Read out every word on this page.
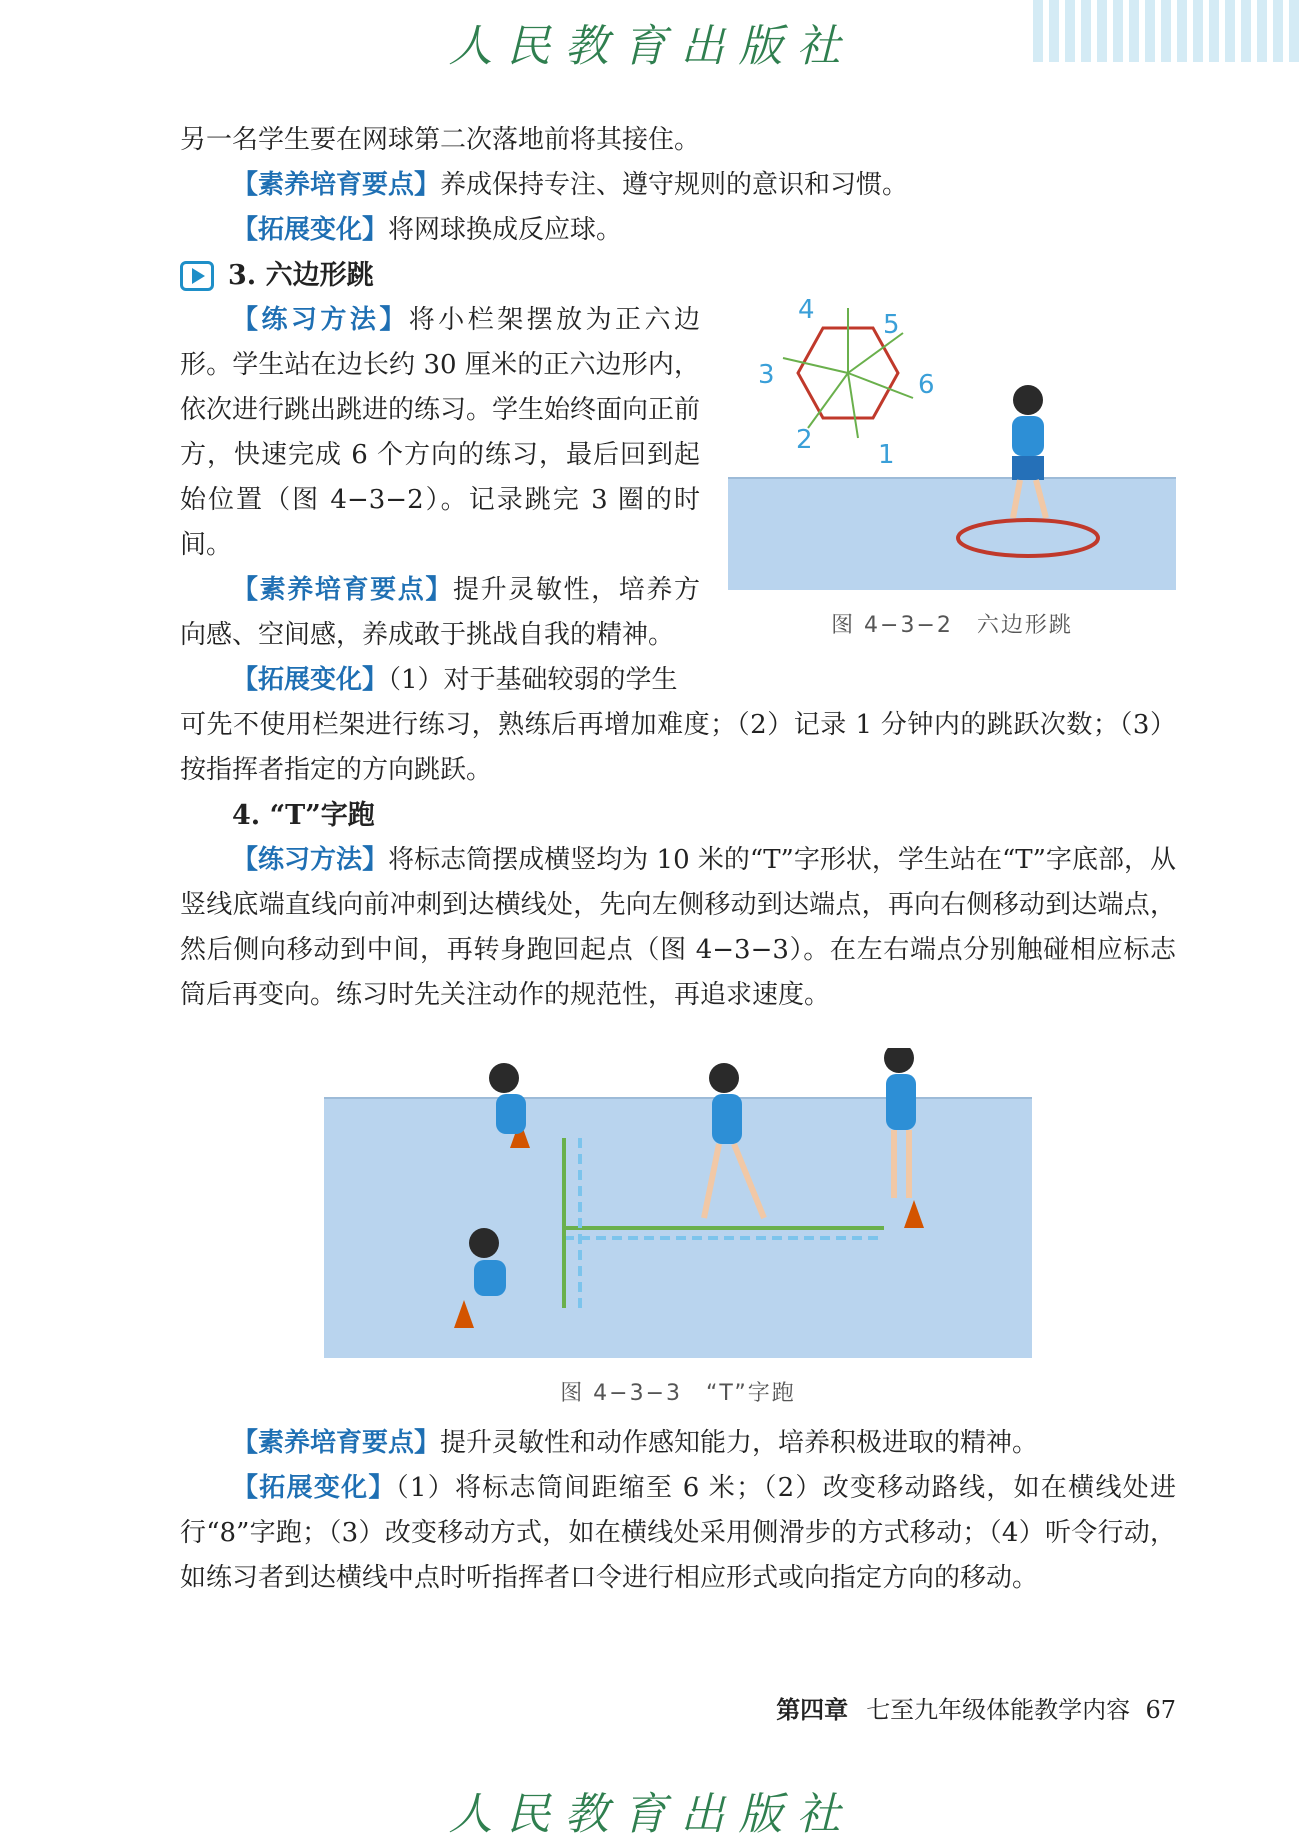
人民教育出版社

另一名学生要在网球第二次落地前将其接住。

【素养培育要点】养成保持专注、遵守规则的意识和习惯。

【拓展变化】将网球换成反应球。

3. 六边形跳

【练习方法】将小栏架摆放为正六边形。学生站在边长约 30 厘米的正六边形内，依次进行跳出跳进的练习。学生始终面向正前方，快速完成 6 个方向的练习，最后回到起始位置（图 4−3−2）。记录跳完 3 圈的时间。

【素养培育要点】提升灵敏性，培养方向感、空间感，养成敢于挑战自我的精神。

【拓展变化】（1）对于基础较弱的学生

1
2
3
4	5
6
图 4−3−2　六边形跳

可先不使用栏架进行练习，熟练后再增加难度；（2）记录 1 分钟内的跳跃次数；（3）按指挥者指定的方向跳跃。

4. “T”字跑

【练习方法】将标志筒摆成横竖均为 10 米的“T”字形状，学生站在“T”字底部，从竖线底端直线向前冲刺到达横线处，先向左侧移动到达端点，再向右侧移动到达端点，然后侧向移动到中间，再转身跑回起点（图 4−3−3）。在左右端点分别触碰相应标志筒后再变向。练习时先关注动作的规范性，再追求速度。

图 4−3−3　“T”字跑

【素养培育要点】提升灵敏性和动作感知能力，培养积极进取的精神。

【拓展变化】（1）将标志筒间距缩至 6 米；（2）改变移动路线，如在横线处进行“8”字跑；（3）改变移动方式，如在横线处采用侧滑步的方式移动；（4）听令行动，如练习者到达横线中点时听指挥者口令进行相应形式或向指定方向的移动。

第四章 七至九年级体能教学内容 67
人民教育出版社
